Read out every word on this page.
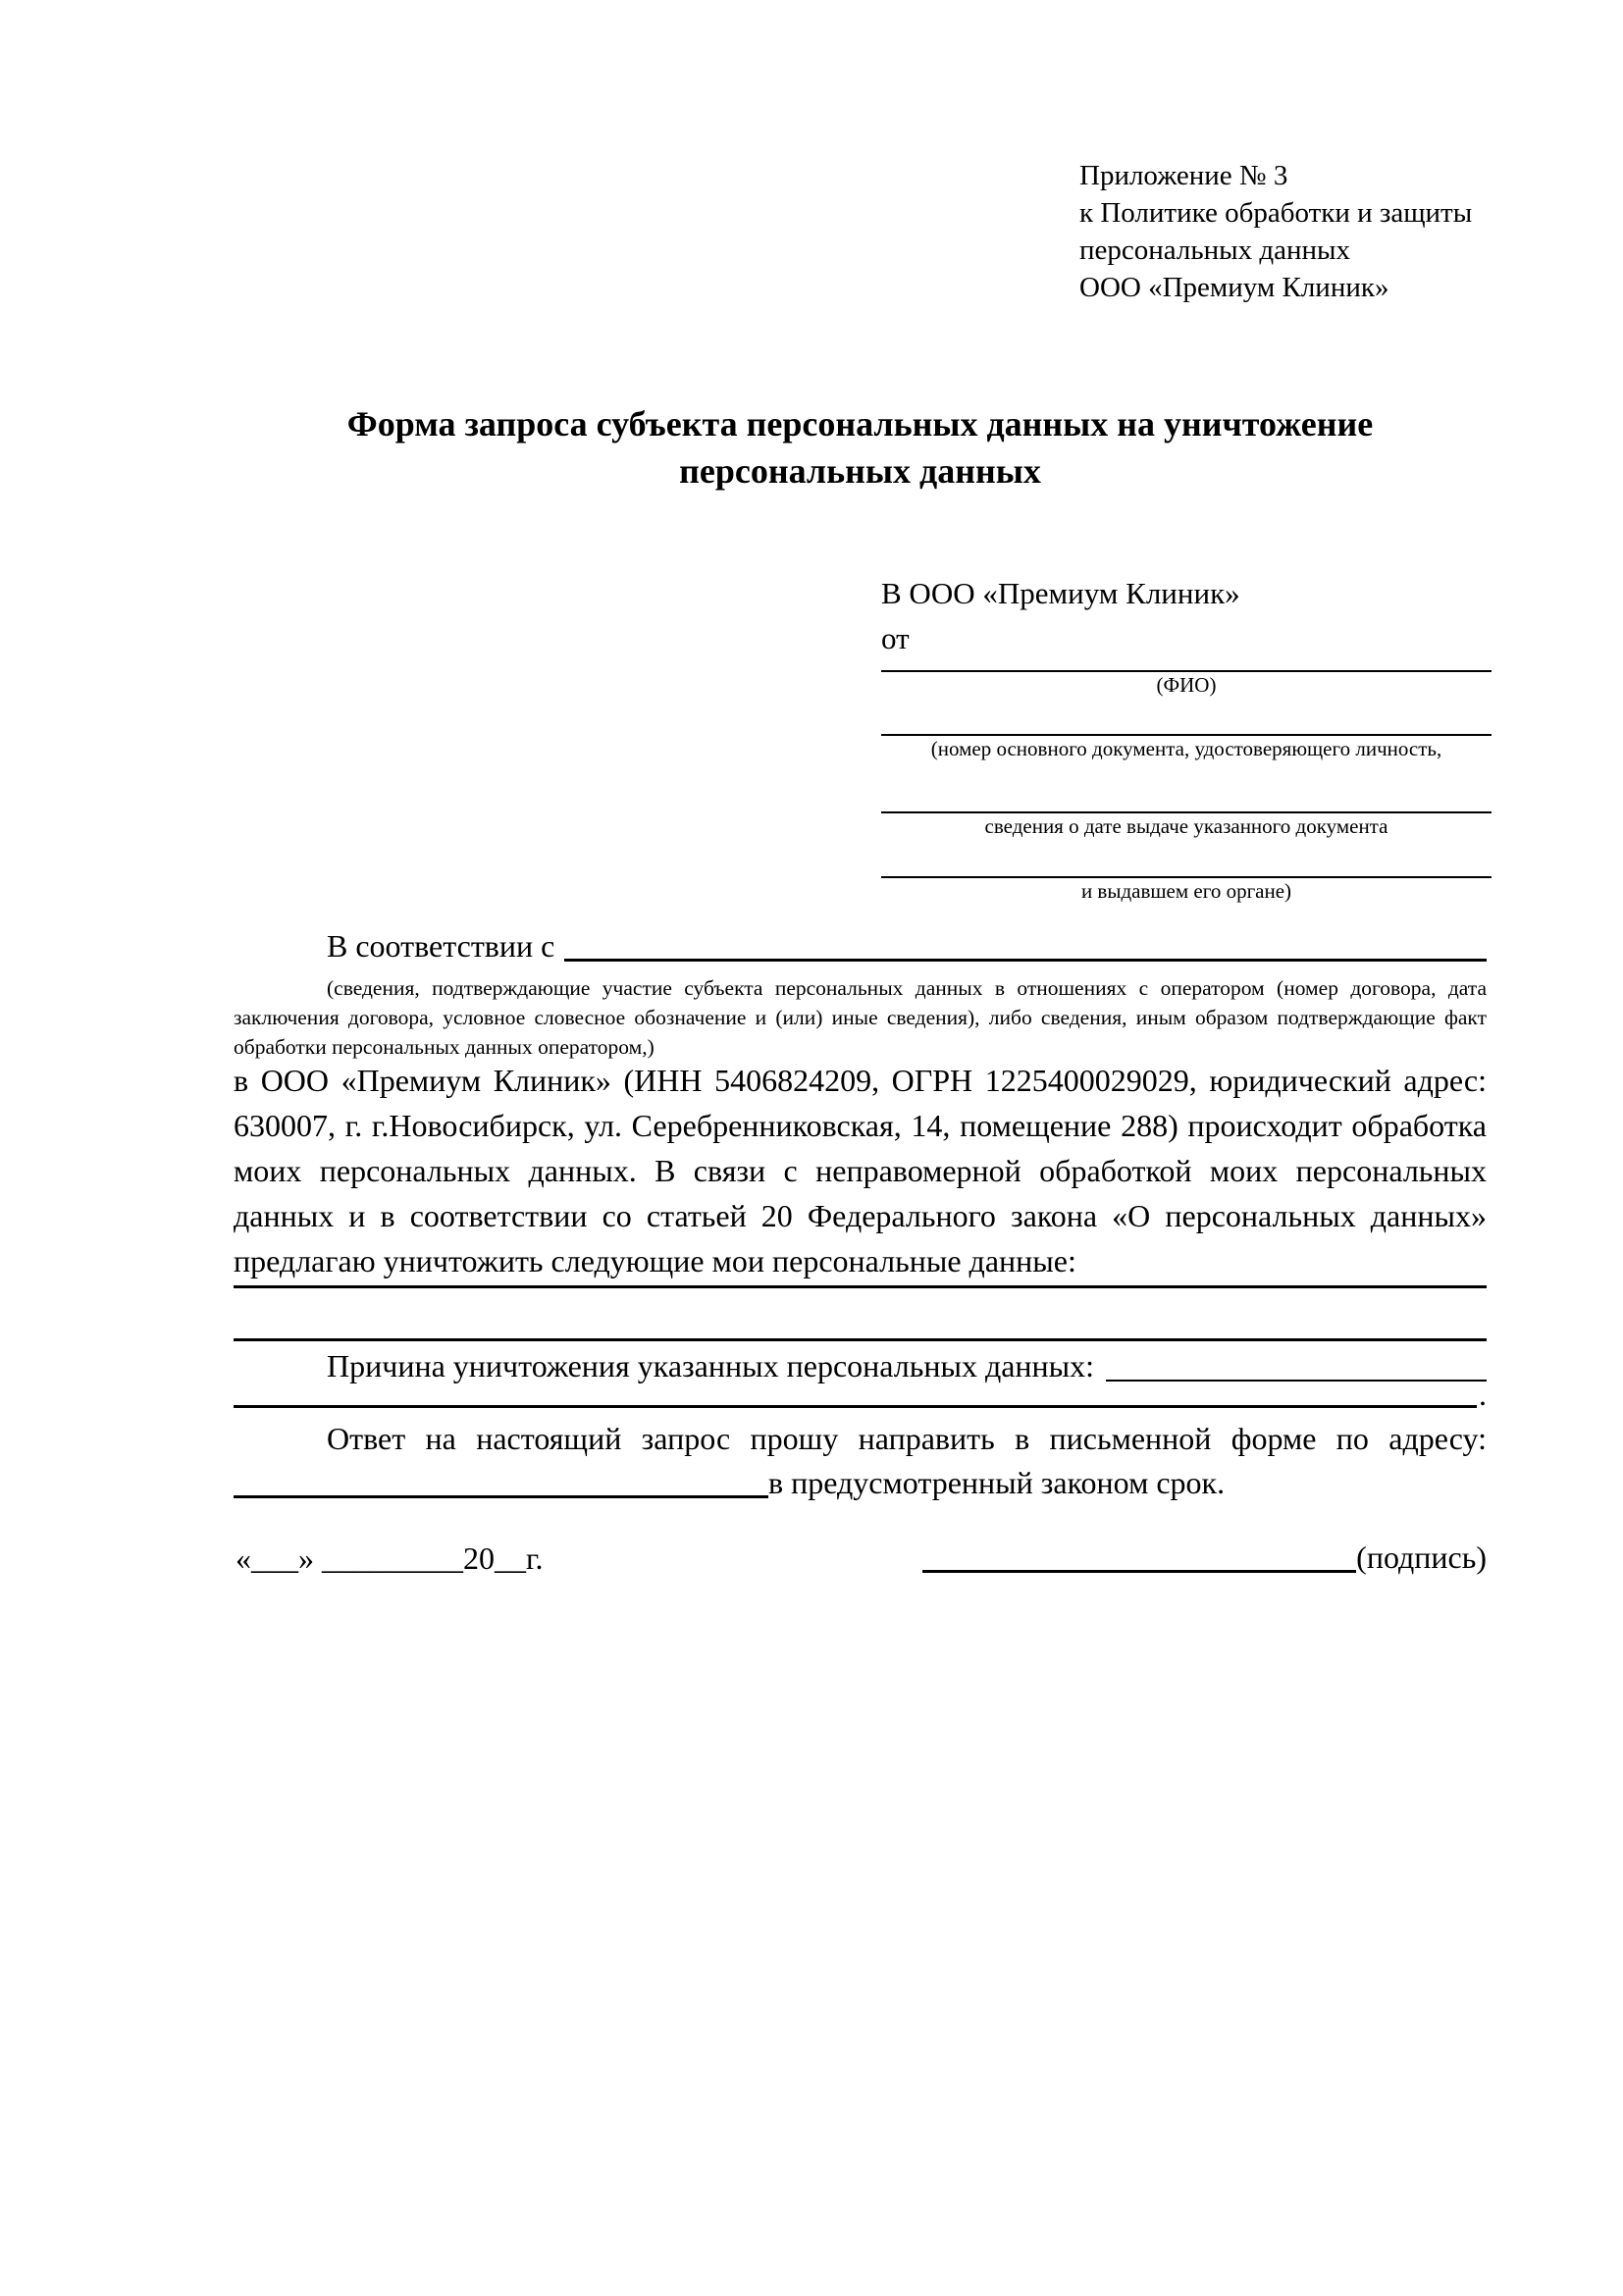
Приложение № 3
к Политике обработки и защиты
персональных данных
ООО «Премиум Клиник»
Форма запроса субъекта персональных данных на уничтожение персональных данных
В ООО «Премиум Клиник»
от
(ФИО)
(номер основного документа, удостоверяющего личность,
сведения о дате выдаче указанного документа
и выдавшем его органе)
В соответствии с
(сведения, подтверждающие участие субъекта персональных данных в отношениях с оператором (номер договора, дата заключения договора, условное словесное обозначение и (или) иные сведения), либо сведения, иным образом подтверждающие факт обработки персональных данных оператором,)
в ООО «Премиум Клиник» (ИНН 5406824209, ОГРН 1225400029029, юридический адрес: 630007, г. г.Новосибирск, ул. Серебренниковская, 14, помещение 288) происходит обработка моих персональных данных. В связи с неправомерной обработкой моих персональных данных и в соответствии со статьей 20 Федерального закона «О персональных данных» предлагаю уничтожить следующие мои персональные данные:
Причина уничтожения указанных персональных данных:
.
Ответ на настоящий запрос прошу направить в письменной форме по адресу:
в предусмотренный законом срок.
«___» _________20__г.	(подпись)
